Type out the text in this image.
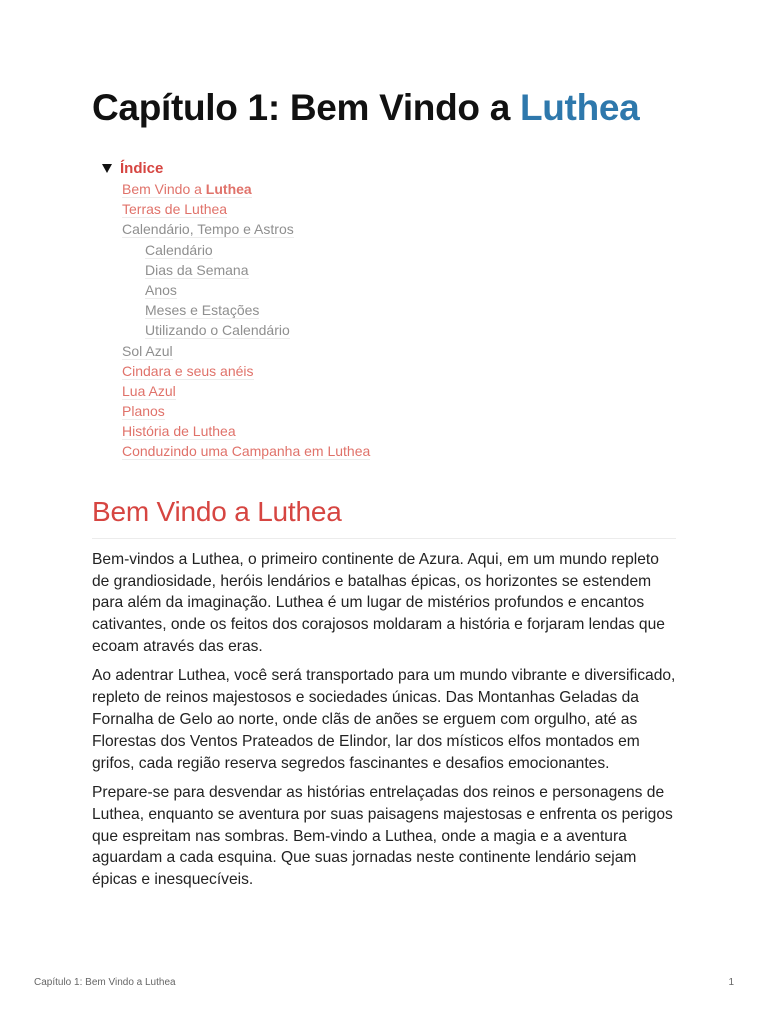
Capítulo 1: Bem Vindo a Luthea
Índice
Bem Vindo a Luthea
Terras de Luthea
Calendário, Tempo e Astros
Calendário
Dias da Semana
Anos
Meses e Estações
Utilizando o Calendário
Sol Azul
Cindara e seus anéis
Lua Azul
Planos
História de Luthea
Conduzindo uma Campanha em Luthea
Bem Vindo a Luthea

Bem-vindos a Luthea, o primeiro continente de Azura. Aqui, em um mundo repleto de grandiosidade, heróis lendários e batalhas épicas, os horizontes se estendem para além da imaginação. Luthea é um lugar de mistérios profundos e encantos cativantes, onde os feitos dos corajosos moldaram a história e forjaram lendas que ecoam através das eras.

Ao adentrar Luthea, você será transportado para um mundo vibrante e diversificado, repleto de reinos majestosos e sociedades únicas. Das Montanhas Geladas da Fornalha de Gelo ao norte, onde clãs de anões se erguem com orgulho, até as Florestas dos Ventos Prateados de Elindor, lar dos místicos elfos montados em grifos, cada região reserva segredos fascinantes e desafios emocionantes.

Prepare-se para desvendar as histórias entrelaçadas dos reinos e personagens de Luthea, enquanto se aventura por suas paisagens majestosas e enfrenta os perigos que espreitam nas sombras. Bem-vindo a Luthea, onde a magia e a aventura aguardam a cada esquina. Que suas jornadas neste continente lendário sejam épicas e inesquecíveis.

Capítulo 1: Bem Vindo a Luthea	1
